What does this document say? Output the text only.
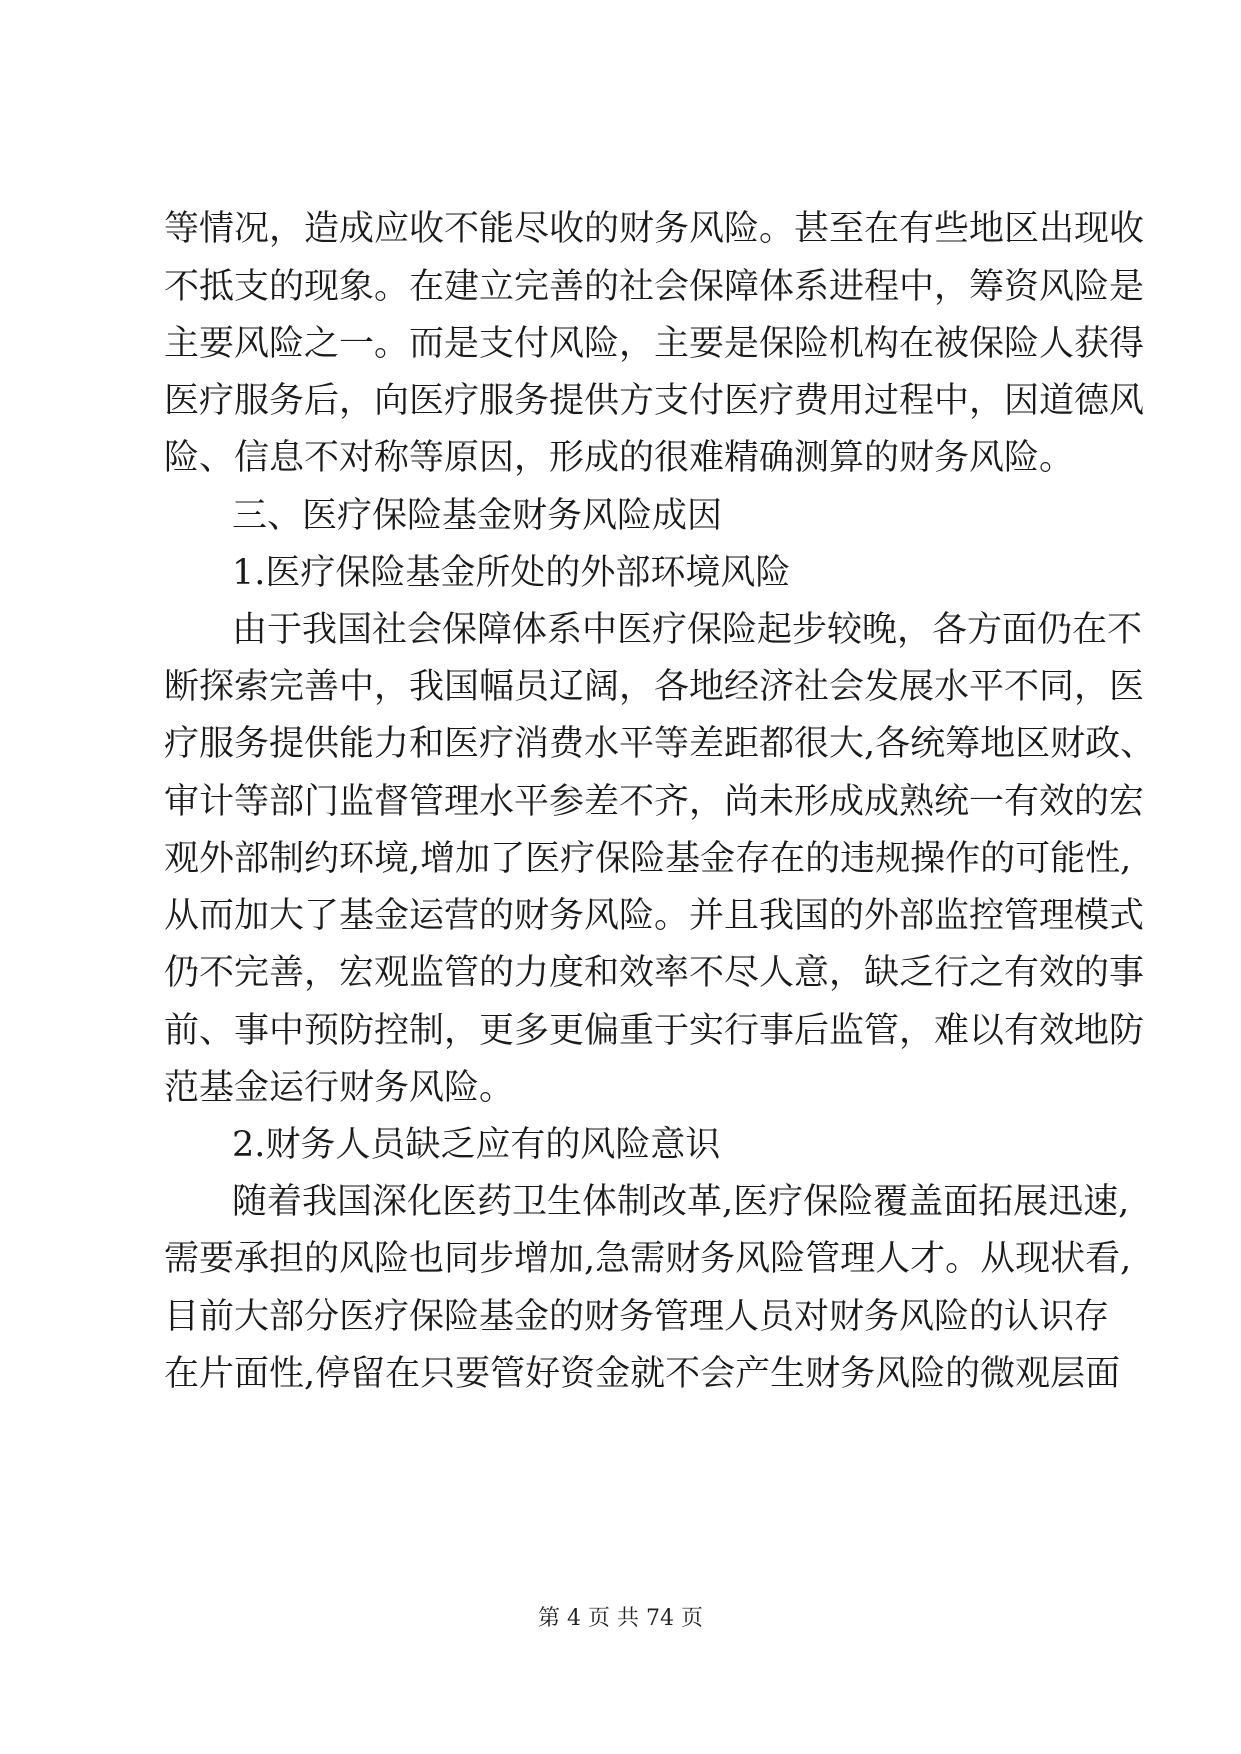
等情况，造成应收不能尽收的财务风险。甚至在有些地区出现收
不抵支的现象。在建立完善的社会保障体系进程中，筹资风险是
主要风险之一。而是支付风险，主要是保险机构在被保险人获得
医疗服务后，向医疗服务提供方支付医疗费用过程中，因道德风
险、信息不对称等原因，形成的很难精确测算的财务风险。
三、医疗保险基金财务风险成因
1.医疗保险基金所处的外部环境风险
由于我国社会保障体系中医疗保险起步较晚，各方面仍在不
断探索完善中，我国幅员辽阔，各地经济社会发展水平不同，医
疗服务提供能力和医疗消费水平等差距都很大,各统筹地区财政、
审计等部门监督管理水平参差不齐，尚未形成成熟统一有效的宏
观外部制约环境,增加了医疗保险基金存在的违规操作的可能性,
从而加大了基金运营的财务风险。并且我国的外部监控管理模式
仍不完善，宏观监管的力度和效率不尽人意，缺乏行之有效的事
前、事中预防控制，更多更偏重于实行事后监管，难以有效地防
范基金运行财务风险。
2.财务人员缺乏应有的风险意识
随着我国深化医药卫生体制改革,医疗保险覆盖面拓展迅速,
需要承担的风险也同步增加,急需财务风险管理人才。从现状看,
目前大部分医疗保险基金的财务管理人员对财务风险的认识存
在片面性,停留在只要管好资金就不会产生财务风险的微观层面
第 4 页 共 74 页
